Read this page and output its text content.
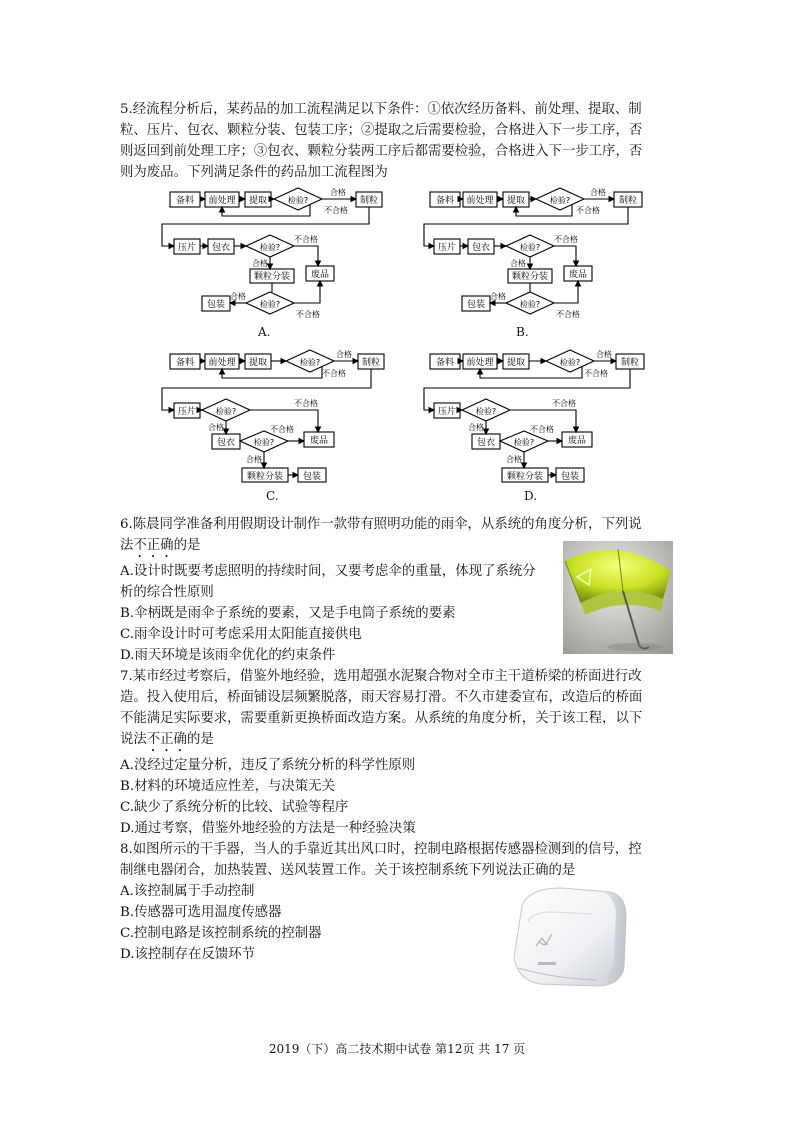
5.经流程分析后，某药品的加工流程满足以下条件：①依次经历备料、前处理、提取、制
粒、压片、包衣、颗粒分装、包装工序；②提取之后需要检验，合格进入下一步工序，否
则返回到前处理工序；③包衣、颗粒分装两工序后都需要检验，合格进入下一步工序，否
则为废品。下列满足条件的药品加工流程图为
备料 前处理 提取	检验?
合格
不合格
制粒
压片 包衣	检验?
不合格
合格
颗粒分装 废品
合格
检验?
包装
不合格
A.
备料 前处理 提取	检验?
合格
不合格
制粒
压片 包衣	检验?
不合格
合格
颗粒分装 废品
合格
检验?
包装
不合格
B.
备料 前处理 提取	检验?
合格
不合格
制粒
压片 检验?
不合格
合格
包衣 检验?
不合格
废品
合格
颗粒分装 包装
C.
备料 前处理 提取	检验?
合格
不合格
制粒
压片 检验?
不合格
合格
包衣 检验?
不合格
废品
合格
颗粒分装 包装
D.
6.陈晨同学准备利用假期设计制作一款带有照明功能的雨伞，从系统的角度分析，下列说
法不正确的是
A.设计时既要考虑照明的持续时间，又要考虑伞的重量，体现了系统分
析的综合性原则
B.伞柄既是雨伞子系统的要素，又是手电筒子系统的要素
C.雨伞设计时可考虑采用太阳能直接供电
D.雨天环境是该雨伞优化的约束条件
7.某市经过考察后，借鉴外地经验，选用超强水泥聚合物对全市主干道桥梁的桥面进行改
造。投入使用后，桥面铺设层频繁脱落，雨天容易打滑。不久市建委宣布，改造后的桥面
不能满足实际要求，需要重新更换桥面改造方案。从系统的角度分析，关于该工程，以下
说法不正确的是
A.没经过定量分析，违反了系统分析的科学性原则
B.材料的环境适应性差，与决策无关
C.缺少了系统分析的比较、试验等程序
D.通过考察，借鉴外地经验的方法是一种经验决策
8.如图所示的干手器，当人的手靠近其出风口时，控制电路根据传感器检测到的信号，控
制继电器闭合，加热装置、送风装置工作。关于该控制系统下列说法正确的是
A.该控制属于手动控制
B.传感器可选用温度传感器
C.控制电路是该控制系统的控制器
D.该控制存在反馈环节
2019（下）高二技术期中试卷 第12页 共 17 页
